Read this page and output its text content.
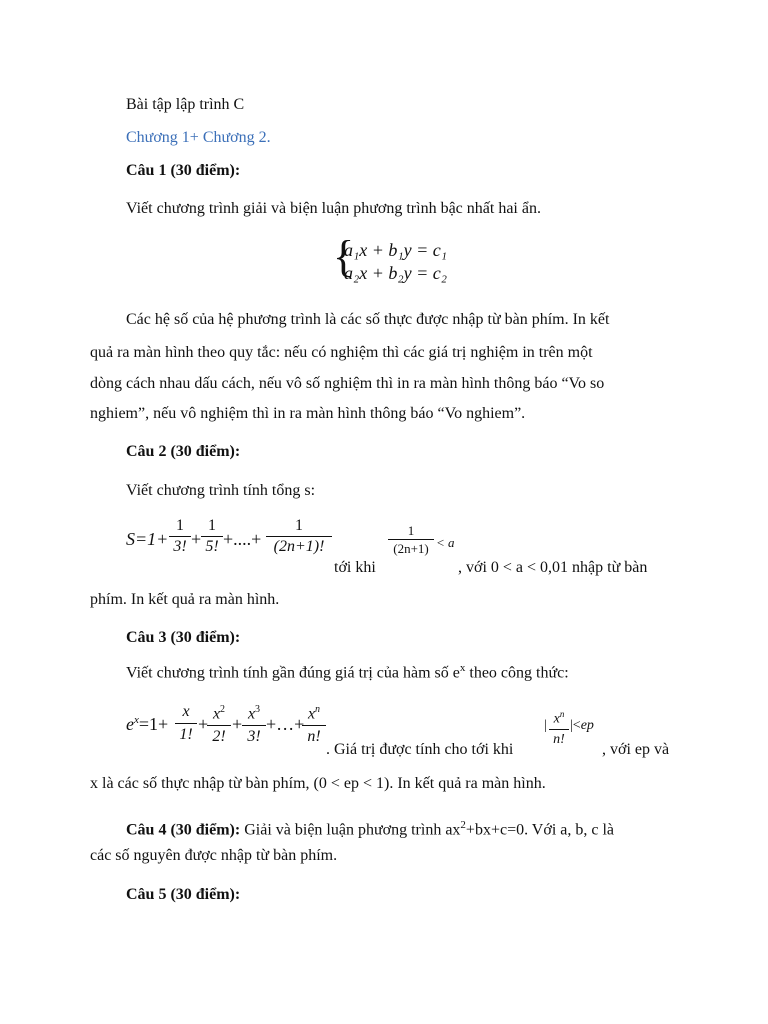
Bài tập lập trình C
Chương 1+ Chương 2.
Câu 1 (30 điểm):
Viết chương trình giải và biện luận phương trình bậc nhất hai ẩn.
{
a₁x + b₁y = c₁
a₂x + b₂y = c₂
Các hệ số của hệ phương trình là các số thực được nhập từ bàn phím. In kết
quả ra màn hình theo quy tắc: nếu có nghiệm thì các giá trị nghiệm in trên một
dòng cách nhau dấu cách, nếu vô số nghiệm thì in ra màn hình thông báo “Vo so
nghiem”, nếu vô nghiệm thì in ra màn hình thông báo “Vo nghiem”.
Câu 2 (30 điểm):
Viết chương trình tính tổng s:
S=1+
1
3! +
1
5! +....+
1
(2n+1)!
tới khi
1
(2n+1) < a
, với 0 < a < 0,01 nhập từ bàn
phím. In kết quả ra màn hình.
Câu 3 (30 điểm):
Viết chương trình tính gần đúng giá trị của hàm số $e^x$ theo công thức:
$e^x=1+$
x
1!
+
$x^2$
2!
+
$x^3$
3!
+…+
$x^n$
n!
. Giá trị được tính cho tới khi
| $x^n$
n!
|<ep
, với ep và
x là các số thực nhập từ bàn phím, (0 < ep < 1). In kết quả ra màn hình.
Câu 4 (30 điểm): Giải và biện luận phương trình $ax^2+bx+c=0$. Với a, b, c là
các số nguyên được nhập từ bàn phím.
Câu 5 (30 điểm):
